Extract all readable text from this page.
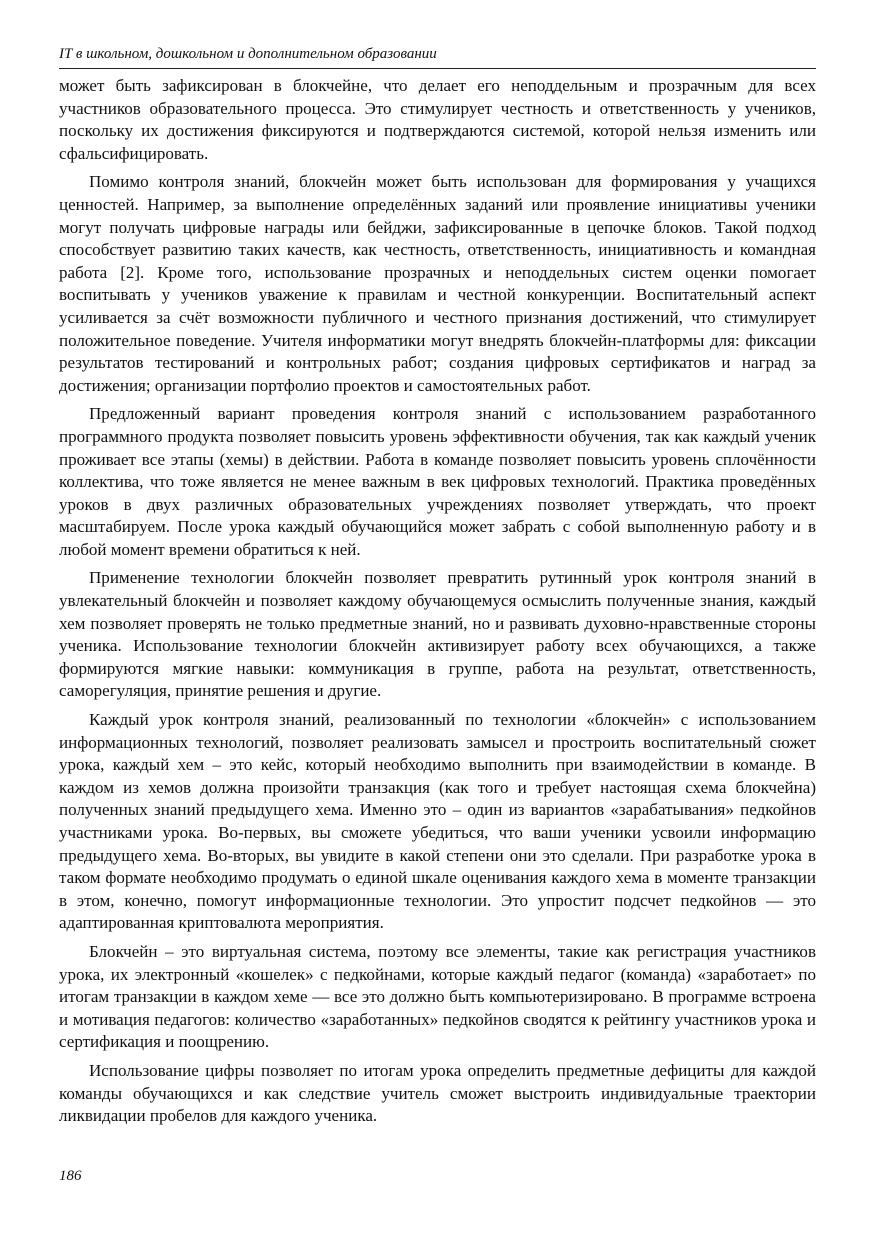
IT в школьном, дошкольном и дополнительном образовании

может быть зафиксирован в блокчейне, что делает его неподдельным и прозрачным для всех участников образовательного процесса. Это стимулирует честность и ответственность у учеников, поскольку их достижения фиксируются и подтверждаются системой, которой нельзя изменить или сфальсифицировать.

Помимо контроля знаний, блокчейн может быть использован для формирования у учащихся ценностей. Например, за выполнение определённых заданий или проявление инициативы ученики могут получать цифровые награды или бейджи, зафиксированные в цепочке блоков. Такой подход способствует развитию таких качеств, как честность, ответственность, инициативность и командная работа [2]. Кроме того, использование прозрачных и неподдельных систем оценки помогает воспитывать у учеников уважение к правилам и честной конкуренции. Воспитательный аспект усиливается за счёт возможности публичного и честного признания достижений, что стимулирует положительное поведение. Учителя информатики могут внедрять блокчейн-платформы для: фиксации результатов тестирований и контрольных работ; создания цифровых сертификатов и наград за достижения; организации портфолио проектов и самостоятельных работ.

Предложенный вариант проведения контроля знаний с использованием разработанного программного продукта позволяет повысить уровень эффективности обучения, так как каждый ученик проживает все этапы (хемы) в действии. Работа в команде позволяет повысить уровень сплочённости коллектива, что тоже является не менее важным в век цифровых технологий. Практика проведённых уроков в двух различных образовательных учреждениях позволяет утверждать, что проект масштабируем. После урока каждый обучающийся может забрать с собой выполненную работу и в любой момент времени обратиться к ней.

Применение технологии блокчейн позволяет превратить рутинный урок контроля знаний в увлекательный блокчейн и позволяет каждому обучающемуся осмыслить полученные знания, каждый хем позволяет проверять не только предметные знаний, но и развивать духовно-нравственные стороны ученика. Использование технологии блокчейн активизирует работу всех обучающихся, а также формируются мягкие навыки: коммуникация в группе, работа на результат, ответственность, саморегуляция, принятие решения и другие.

Каждый урок контроля знаний, реализованный по технологии «блокчейн» с использованием информационных технологий, позволяет реализовать замысел и простроить воспитательный сюжет урока, каждый хем – это кейс, который необходимо выполнить при взаимодействии в команде. В каждом из хемов должна произойти транзакция (как того и требует настоящая схема блокчейна) полученных знаний предыдущего хема. Именно это – один из вариантов «зарабатывания» педкойнов участниками урока. Во-первых, вы сможете убедиться, что ваши ученики усвоили информацию предыдущего хема. Во-вторых, вы увидите в какой степени они это сделали. При разработке урока в таком формате необходимо продумать о единой шкале оценивания каждого хема в моменте транзакции в этом, конечно, помогут информационные технологии. Это упростит подсчет педкойнов — это адаптированная криптовалюта мероприятия.

Блокчейн – это виртуальная система, поэтому все элементы, такие как регистрация участников урока, их электронный «кошелек» с педкойнами, которые каждый педагог (команда) «заработает» по итогам транзакции в каждом хеме — все это должно быть компьютеризировано. В программе встроена и мотивация педагогов: количество «заработанных» педкойнов сводятся к рейтингу участников урока и сертификация и поощрению.

Использование цифры позволяет по итогам урока определить предметные дефициты для каждой команды обучающихся и как следствие учитель сможет выстроить индивидуальные траектории ликвидации пробелов для каждого ученика.

186
